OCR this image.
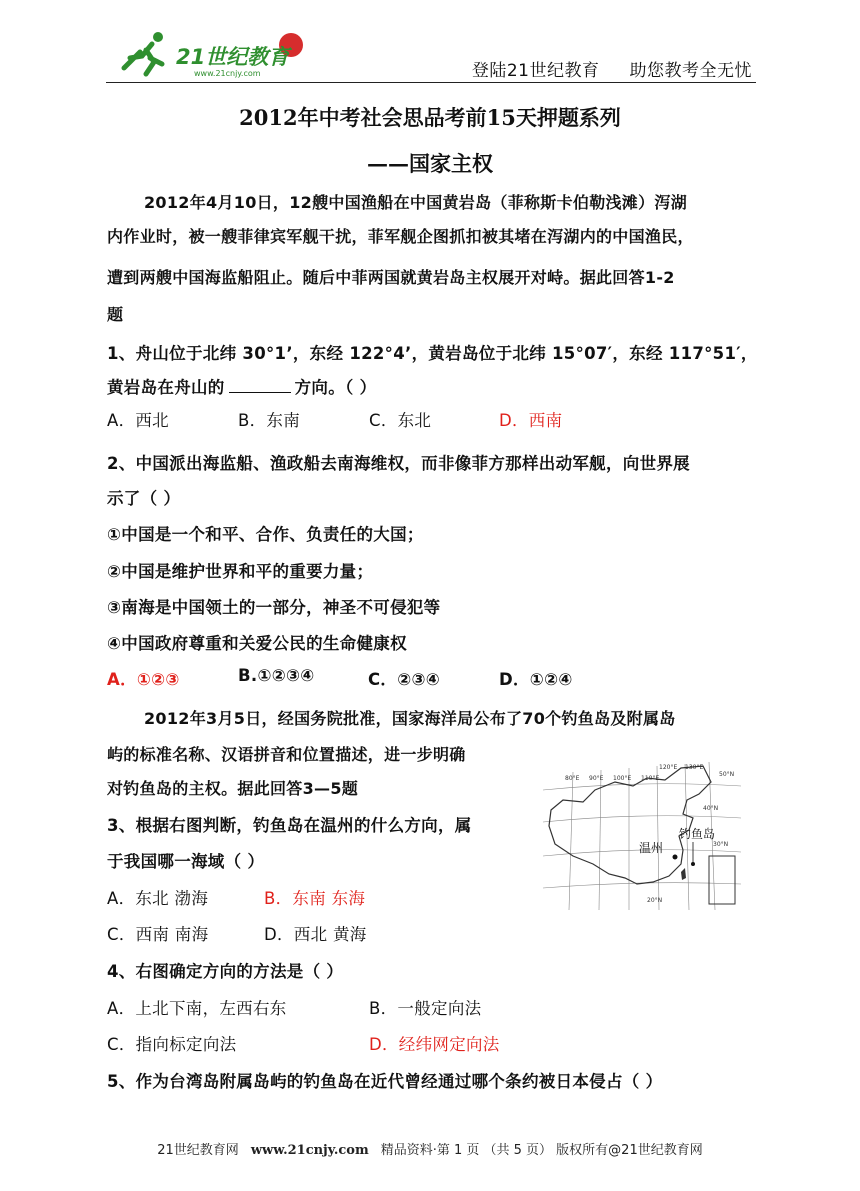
21世纪教育
www.21cnjy.com	登陆21世纪教育 助您教考全无忧
2012年中考社会思品考前15天押题系列
——国家主权
2012年4月10日，12艘中国渔船在中国黄岩岛（菲称斯卡伯勒浅滩）泻湖
内作业时，被一艘菲律宾军舰干扰，菲军舰企图抓扣被其堵在泻湖内的中国渔民，
遭到两艘中国海监船阻止。随后中菲两国就黄岩岛主权展开对峙。据此回答1-2
题
1、舟山位于北纬 30°1’，东经 122°4’，黄岩岛位于北纬 15°07′，东经 117°51′，
黄岩岛在舟山的	方向。（ ）
A．西北	B．东南	C．东北	D．西南
2、中国派出海监船、渔政船去南海维权，而非像菲方那样出动军舰，向世界展
示了（ ）
①中国是一个和平、合作、负责任的大国；
②中国是维护世界和平的重要力量；
③南海是中国领土的一部分，神圣不可侵犯等
④中国政府尊重和关爱公民的生命健康权
A．①②③	B.①②③④	C．②③④	D．①②④
2012年3月5日，经国务院批准，国家海洋局公布了70个钓鱼岛及附属岛
屿的标准名称、汉语拼音和位置描述，进一步明确
对钓鱼岛的主权。据此回答3—5题
温州
钓鱼岛
80°E 90°E 100°E 110°E
120°E 130°E
50°N
40°N
30°N
20°N
3、根据右图判断，钓鱼岛在温州的什么方向，属
于我国哪一海域（ ）
A．东北 渤海	B．东南 东海
C．西南 南海	D．西北 黄海
4、右图确定方向的方法是（ ）
A．上北下南，左西右东	B．一般定向法
C．指向标定向法	D．经纬网定向法
5、作为台湾岛附属岛屿的钓鱼岛在近代曾经通过哪个条约被日本侵占（ ）
21世纪教育网 www.21cnjy.com 精品资料·第 1 页 （共 5 页） 版权所有@21世纪教育网
